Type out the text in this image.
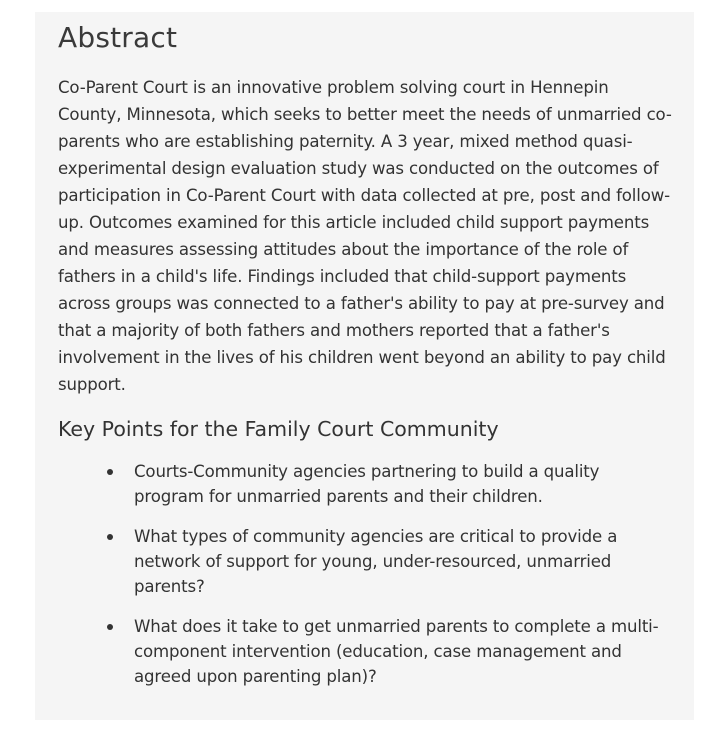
Abstract

Co-Parent Court is an innovative problem solving court in Hennepin County, Minnesota, which seeks to better meet the needs of unmarried co-parents who are establishing paternity. A 3 year, mixed method quasi-experimental design evaluation study was conducted on the outcomes of participation in Co-Parent Court with data collected at pre, post and follow-up. Outcomes examined for this article included child support payments and measures assessing attitudes about the importance of the role of fathers in a child's life. Findings included that child-support payments across groups was connected to a father's ability to pay at pre-survey and that a majority of both fathers and mothers reported that a father's involvement in the lives of his children went beyond an ability to pay child support.

Key Points for the Family Court Community
Courts-Community agencies partnering to build a quality program for unmarried parents and their children.
What types of community agencies are critical to provide a network of support for young, under-resourced, unmarried parents?
What does it take to get unmarried parents to complete a multi-component intervention (education, case management and agreed upon parenting plan)?
